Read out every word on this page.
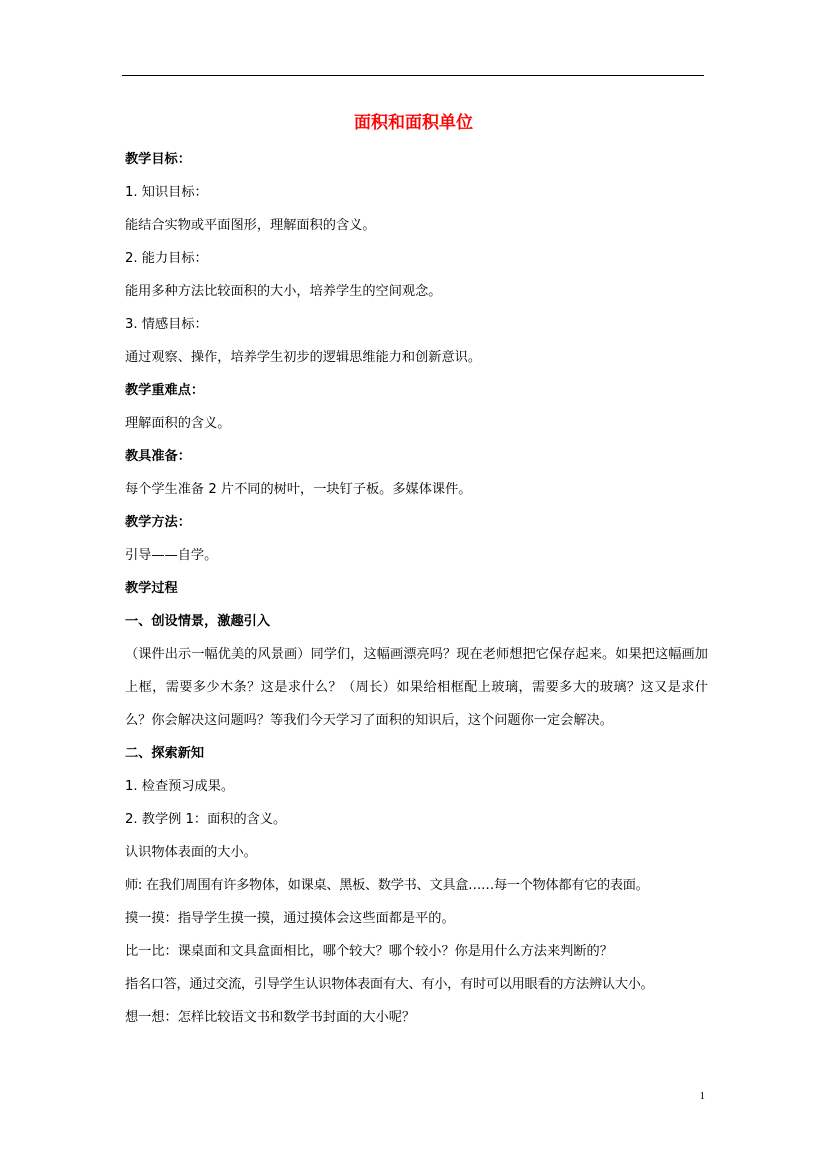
面积和面积单位

教学目标：

1. 知识目标：

能结合实物或平面图形，理解面积的含义。

2. 能力目标：

能用多种方法比较面积的大小，培养学生的空间观念。

3. 情感目标：

通过观察、操作，培养学生初步的逻辑思维能力和创新意识。

教学重难点：

理解面积的含义。

教具准备：

每个学生准备 2 片不同的树叶，一块钉子板。多媒体课件。

教学方法：

引导——自学。

教学过程

一、创设情景，激趣引入

（课件出示一幅优美的风景画）同学们，这幅画漂亮吗？现在老师想把它保存起来。如果把这幅画加上框，需要多少木条？这是求什么？（周长）如果给相框配上玻璃，需要多大的玻璃？这又是求什么？你会解决这问题吗？等我们今天学习了面积的知识后，这个问题你一定会解决。

二、探索新知

1. 检查预习成果。

2. 教学例 1：面积的含义。

认识物体表面的大小。

师: 在我们周围有许多物体，如课桌、黑板、数学书、文具盒……每一个物体都有它的表面。

摸一摸：指导学生摸一摸，通过摸体会这些面都是平的。

比一比：课桌面和文具盒面相比，哪个较大？哪个较小？你是用什么方法来判断的？

指名口答，通过交流，引导学生认识物体表面有大、有小，有时可以用眼看的方法辨认大小。

想一想：怎样比较语文书和数学书封面的大小呢？

1
